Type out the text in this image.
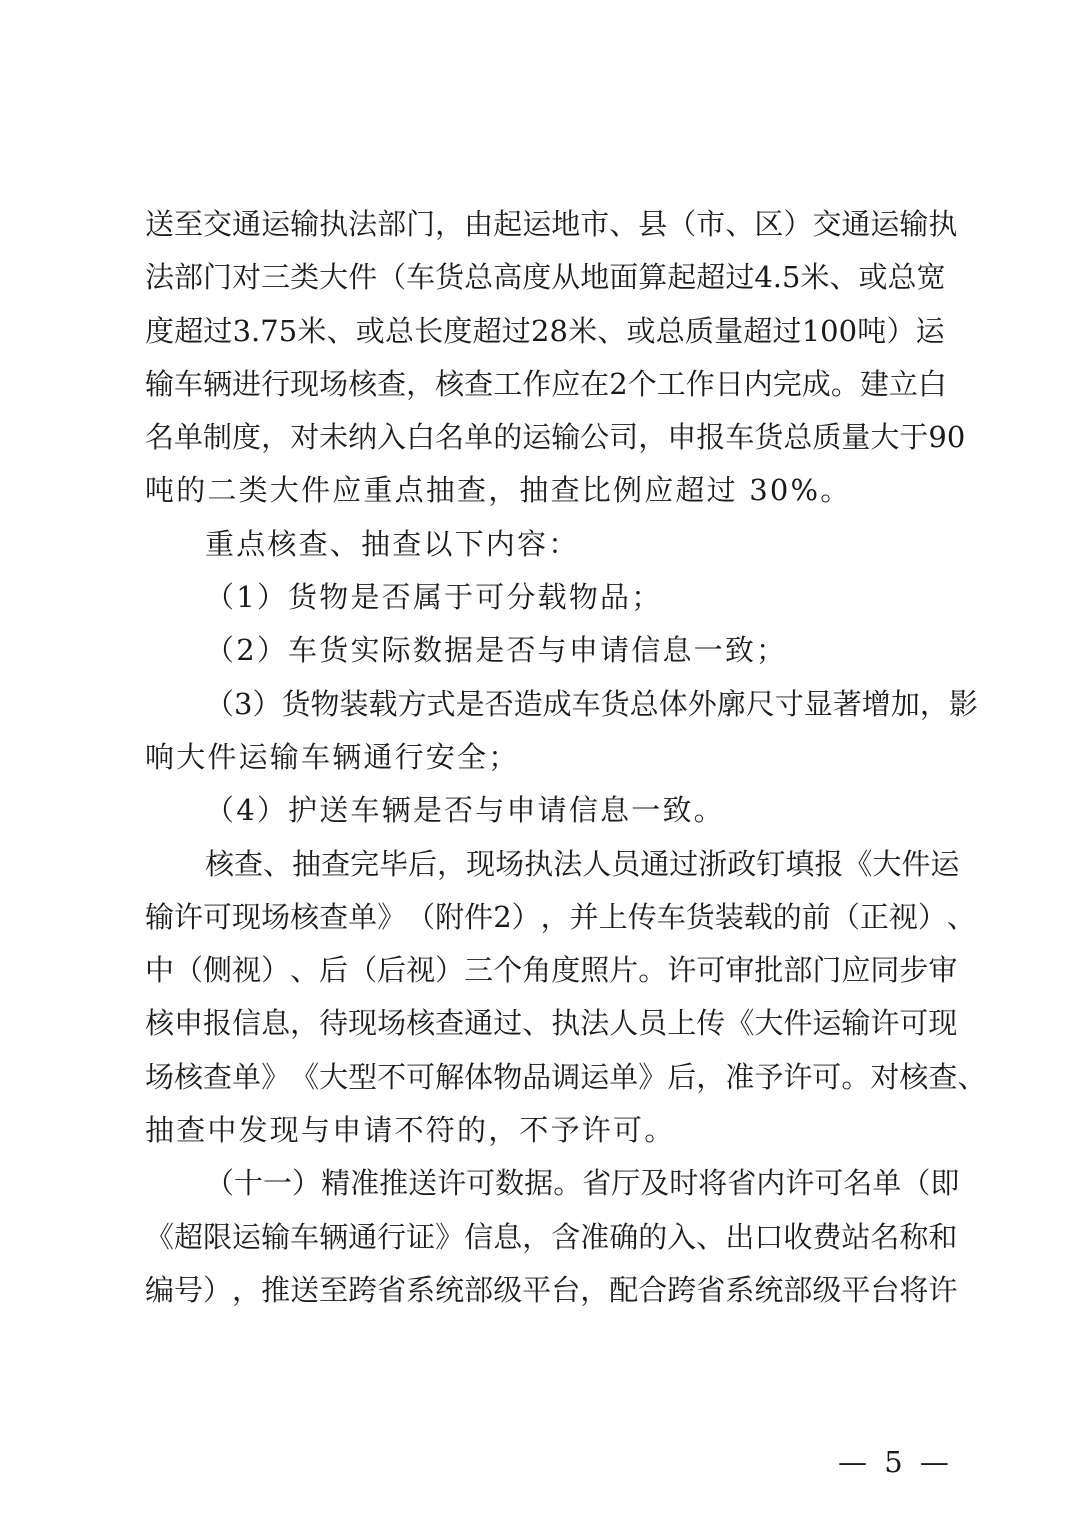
送 至 交 通 运 输 执 法 部 门 ， 由 起 运 地 市 、 县 （ 市 、 区 ） 交 通 运 输 执
法 部 门 对 三 类 大 件 （ 车 货 总 高 度 从 地 面 算 起 超 过 4.5 米 、 或 总 宽
度 超 过 3.75 米 、 或 总 长 度 超 过 28 米 、 或 总 质 量 超 过 100 吨 ） 运
输 车 辆 进 行 现 场 核 查 ， 核 查 工 作 应 在 2 个 工 作 日 内 完 成 。 建 立 白
名 单 制 度 ， 对 未 纳 入 白 名 单 的 运 输 公 司 ， 申 报 车 货 总 质 量 大 于 90
吨的二类大件应重点抽查，抽查比例应超过 30%。
重点核查、抽查以下内容：
（1）货物是否属于可分载物品；
（2）车货实际数据是否与申请信息一致；
（ 3 ） 货 物 装 载 方 式 是 否 造 成 车 货 总 体 外 廓 尺 寸 显 著 增 加 ， 影
响大件运输车辆通行安全；
（4）护送车辆是否与申请信息一致。
核 查 、 抽 查 完 毕 后 ， 现 场 执 法 人 员 通 过 浙 政 钉 填 报 《 大 件 运
输 许 可 现 场 核 查 单 》 （ 附 件 2 ） ， 并 上 传 车 货 装 载 的 前 （ 正 视 ） 、
中 （ 侧 视 ） 、 后 （ 后 视 ） 三 个 角 度 照 片 。 许 可 审 批 部 门 应 同 步 审
核 申 报 信 息 ， 待 现 场 核 查 通 过 、 执 法 人 员 上 传 《 大 件 运 输 许 可 现
场 核 查 单 》 《 大 型 不 可 解 体 物 品 调 运 单 》 后 ， 准 予 许 可 。 对 核 查 、
抽查中发现与申请不符的，不予许可。
（ 十 一 ） 精 准 推 送 许 可 数 据 。 省 厅 及 时 将 省 内 许 可 名 单 （ 即
《 超 限 运 输 车 辆 通 行 证 》 信 息 ， 含 准 确 的 入 、 出 口 收 费 站 名 称 和
编 号 ） ， 推 送 至 跨 省 系 统 部 级 平 台 ， 配 合 跨 省 系 统 部 级 平 台 将 许
— 5 —
